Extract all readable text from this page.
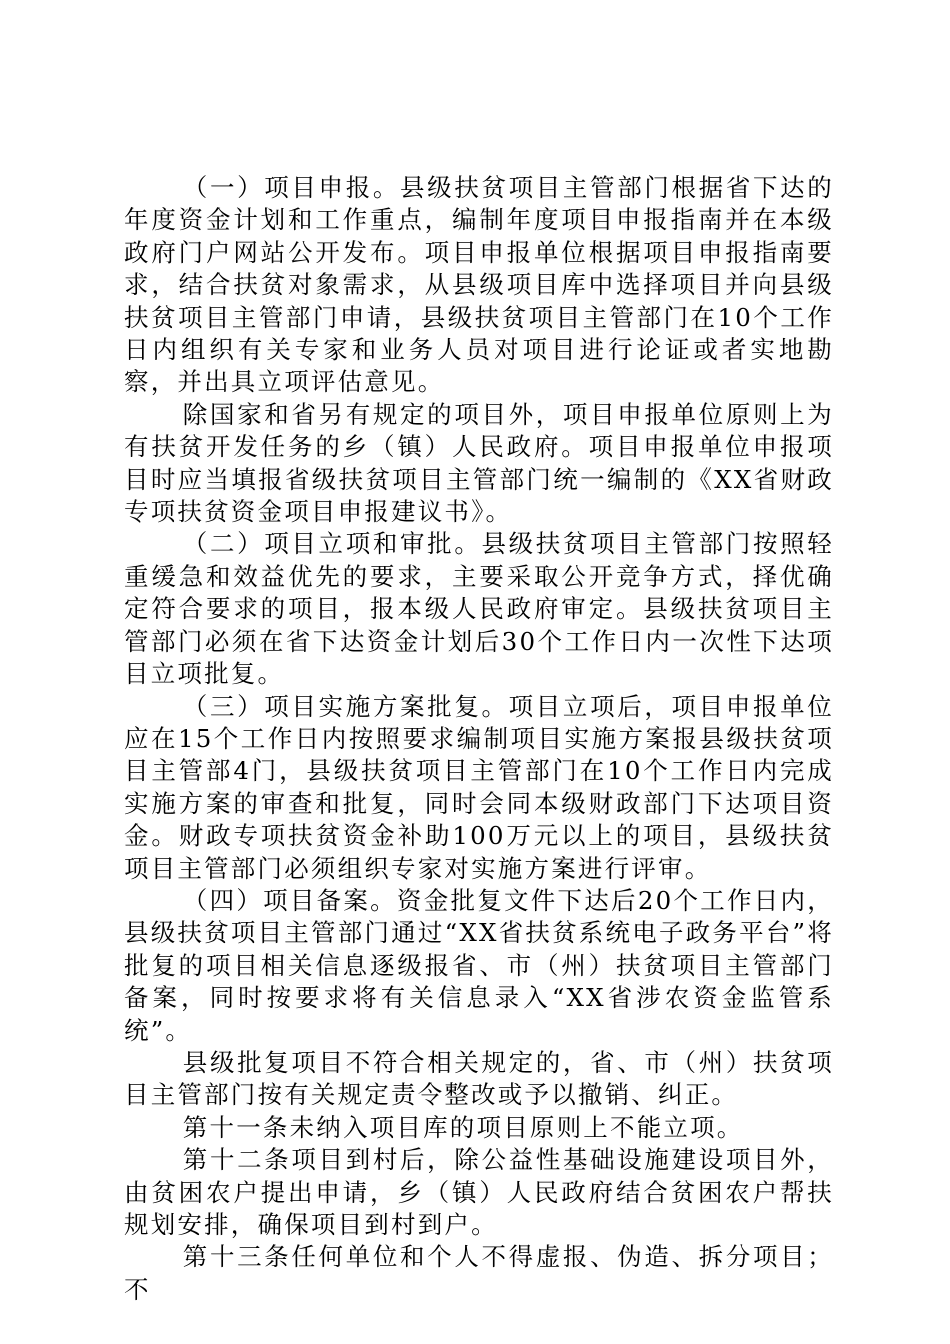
（一）项目申报。县级扶贫项目主管部门根据省下达的年度资金计划和工作重点，编制年度项目申报指南并在本级政府门户网站公开发布。项目申报单位根据项目申报指南要求，结合扶贫对象需求，从县级项目库中选择项目并向县级扶贫项目主管部门申请，县级扶贫项目主管部门在10个工作日内组织有关专家和业务人员对项目进行论证或者实地勘察，并出具立项评估意见。

除国家和省另有规定的项目外，项目申报单位原则上为有扶贫开发任务的乡（镇）人民政府。项目申报单位申报项目时应当填报省级扶贫项目主管部门统一编制的《XX省财政专项扶贫资金项目申报建议书》。

（二）项目立项和审批。县级扶贫项目主管部门按照轻重缓急和效益优先的要求，主要采取公开竞争方式，择优确定符合要求的项目，报本级人民政府审定。县级扶贫项目主管部门必须在省下达资金计划后30个工作日内一次性下达项目立项批复。

（三）项目实施方案批复。项目立项后，项目申报单位应在15个工作日内按照要求编制项目实施方案报县级扶贫项目主管部4门，县级扶贫项目主管部门在10个工作日内完成实施方案的审查和批复，同时会同本级财政部门下达项目资金。财政专项扶贫资金补助100万元以上的项目，县级扶贫项目主管部门必须组织专家对实施方案进行评审。

（四）项目备案。资金批复文件下达后20个工作日内，县级扶贫项目主管部门通过“XX省扶贫系统电子政务平台”将批复的项目相关信息逐级报省、市（州）扶贫项目主管部门备案，同时按要求将有关信息录入“XX省涉农资金监管系统”。

县级批复项目不符合相关规定的，省、市（州）扶贫项目主管部门按有关规定责令整改或予以撤销、纠正。

第十一条未纳入项目库的项目原则上不能立项。

第十二条项目到村后，除公益性基础设施建设项目外，由贫困农户提出申请，乡（镇）人民政府结合贫困农户帮扶规划安排，确保项目到村到户。

第十三条任何单位和个人不得虚报、伪造、拆分项目；不
